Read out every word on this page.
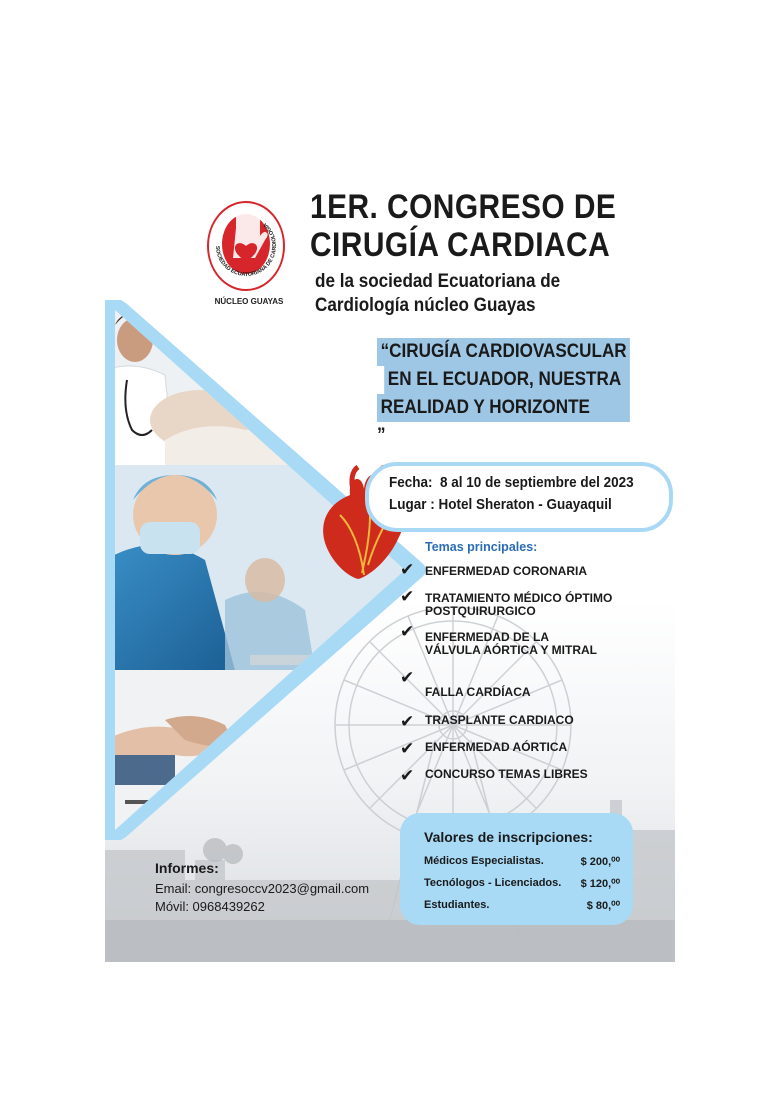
SOCIEDAD ECUATORIANA DE CARDIOLOGIA
NÚCLEO GUAYAS
1ER. CONGRESO DE
CIRUGÍA CARDIACA
de la sociedad Ecuatoriana de
Cardiología núcleo Guayas
“CIRUGÍA CARDIOVASCULAR
EN EL ECUADOR, NUESTRA
REALIDAD Y HORIZONTE
”
Fecha: 8 al 10 de septiembre del 2023
Lugar : Hotel Sheraton - Guayaquil
Temas principales:
✔ ENFERMEDAD CORONARIA
✔ TRATAMIENTO MÉDICO ÓPTIMO POSTQUIRURGICO
✔ ENFERMEDAD DE LA VÁLVULA AÓRTICA Y MITRAL
✔
FALLA CARDÍACA
✔ TRASPLANTE CARDIACO
✔ ENFERMEDAD AÓRTICA
✔ CONCURSO TEMAS LIBRES
Informes:
Email: congresoccv2023@gmail.com
Móvil: 0968439262
Valores de inscripciones:
Médicos Especialistas.	$ 200,⁰⁰
Tecnólogos - Licenciados. $ 120,⁰⁰
Estudiantes.	$ 80,⁰⁰
